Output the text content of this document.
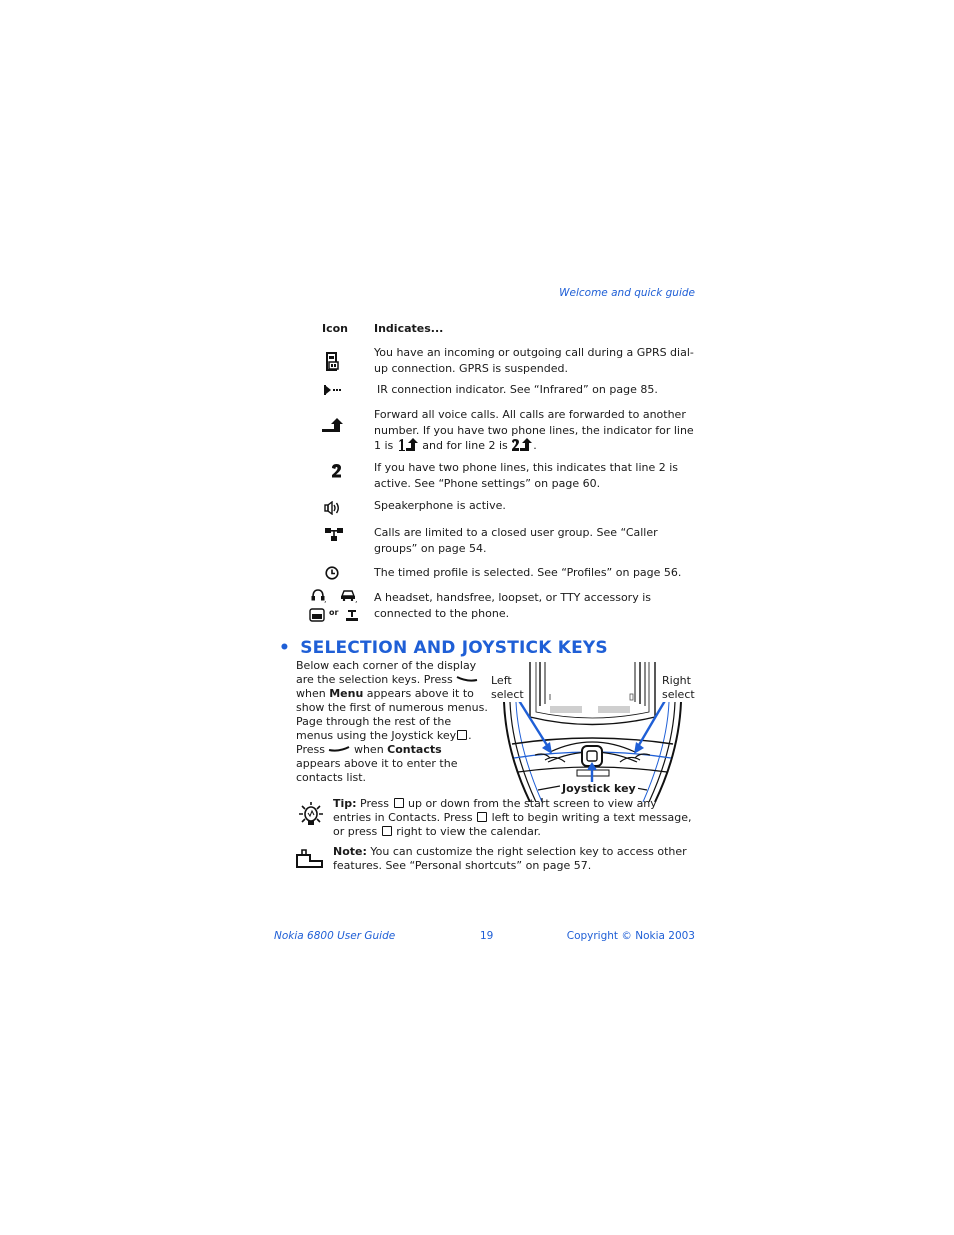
Welcome and quick guide
Icon Indicates...
You have an incoming or outgoing call during a GPRS dial-up connection. GPRS is suspended.
IR connection indicator. See “Infrared” on page 85.
Forward all voice calls. All calls are forwarded to another number. If you have two phone lines, the indicator for line 1 is	and for line 2 is .
If you have two phone lines, this indicates that line 2 is active. See “Phone settings” on page 60.
Speakerphone is active.
Calls are limited to a closed user group. See “Caller groups” on page 54.
The timed profile is selected. See “Profiles” on page 56.
,	,
or
A headset, handsfree, loopset, or TTY accessory is connected to the phone.
• SELECTION AND JOYSTICK KEYS
Below each corner of the display are the selection keys. Press
when Menu appears above it to show the first of numerous menus. Page through the rest of the menus using the Joystick key . Press	when Contacts appears above it to enter the contacts list.
Left
select
Right
select
Joystick key
Tip: Press up or down from the start screen to view any entries in Contacts. Press left to begin writing a text message, or press right to view the calendar.
Note: You can customize the right selection key to access other features. See “Personal shortcuts” on page 57.
Nokia 6800 User Guide	19	Copyright © Nokia 2003
